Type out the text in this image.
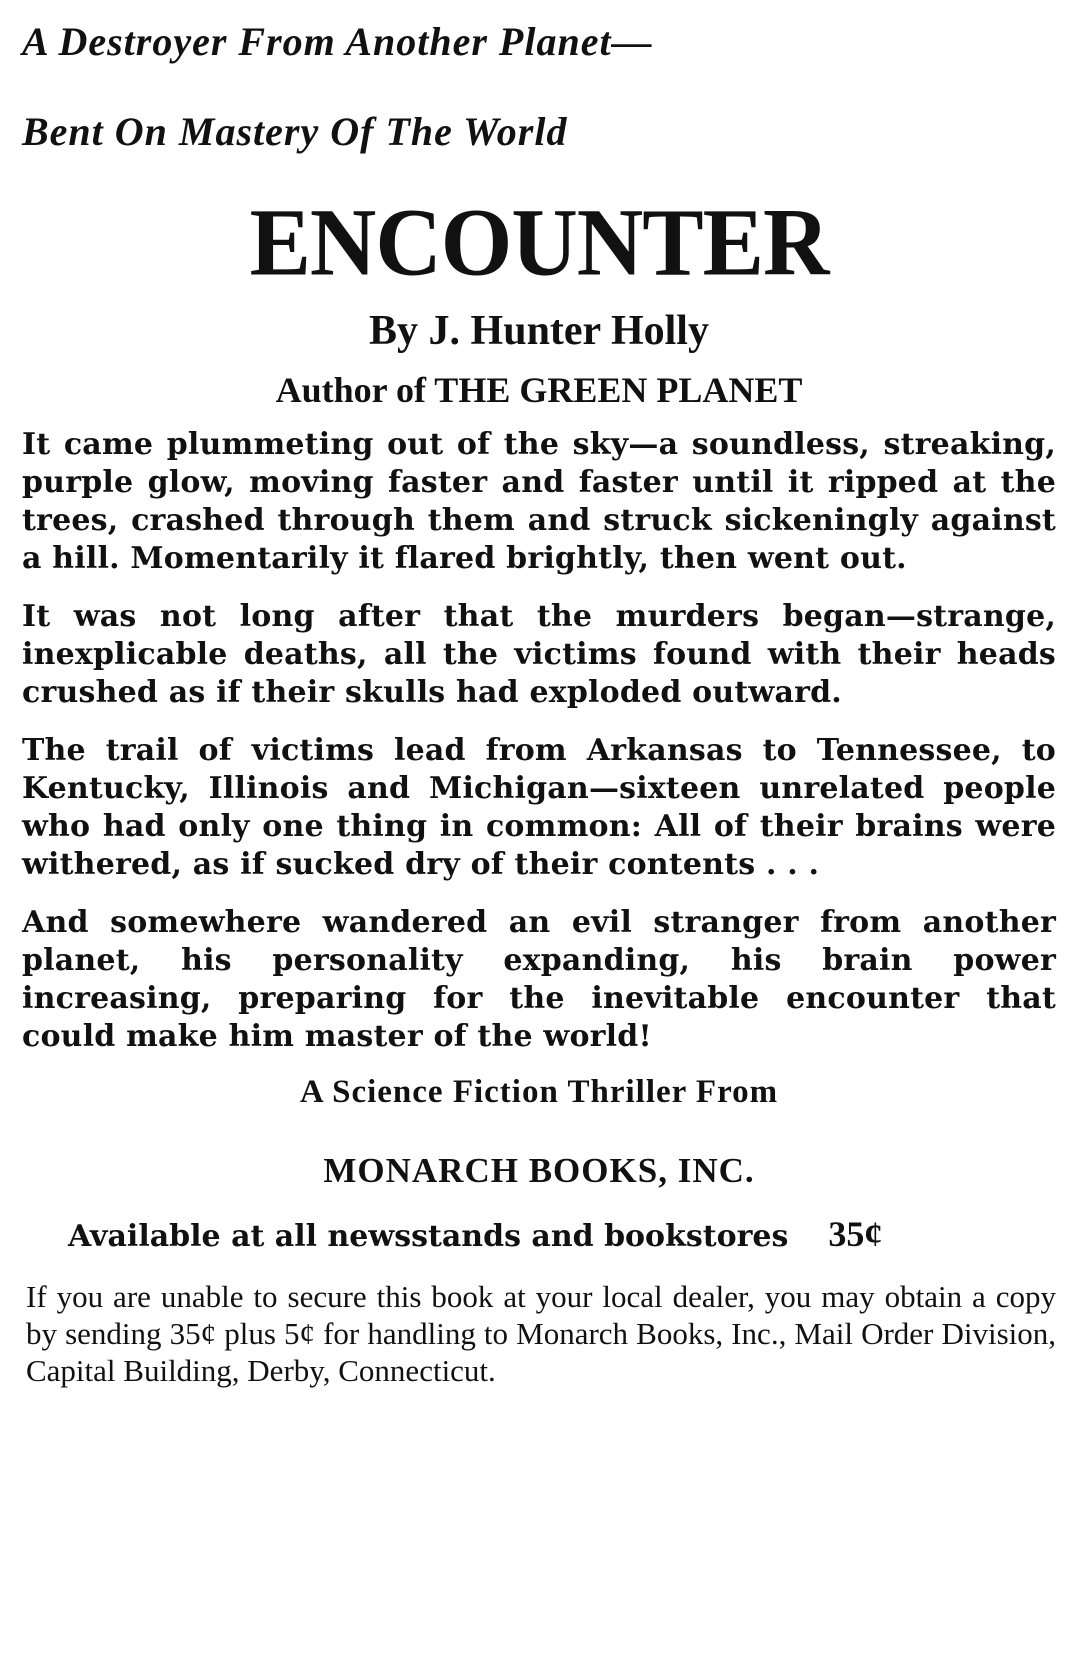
A Destroyer From Another Planet—
Bent On Mastery Of The World
ENCOUNTER
By J. Hunter Holly
Author of THE GREEN PLANET

It came plummeting out of the sky—a soundless, streaking, purple glow, moving faster and faster until it ripped at the trees, crashed through them and struck sickeningly against a hill. Momentarily it flared brightly, then went out.

It was not long after that the murders began—strange, inexplicable deaths, all the victims found with their heads crushed as if their skulls had exploded outward.

The trail of victims lead from Arkansas to Tennessee, to Kentucky, Illinois and Michigan—sixteen unrelated people who had only one thing in common: All of their brains were withered, as if sucked dry of their contents . . .

And somewhere wandered an evil stranger from another planet, his personality expanding, his brain power increasing, preparing for the inevitable encounter that could make him master of the world!

A Science Fiction Thriller From
MONARCH BOOKS, INC.
Available at all newsstands and bookstores 35¢
If you are unable to secure this book at your local dealer, you may obtain a copy by sending 35¢ plus 5¢ for handling to Monarch Books, Inc., Mail Order Division, Capital Building, Derby, Connecticut.
